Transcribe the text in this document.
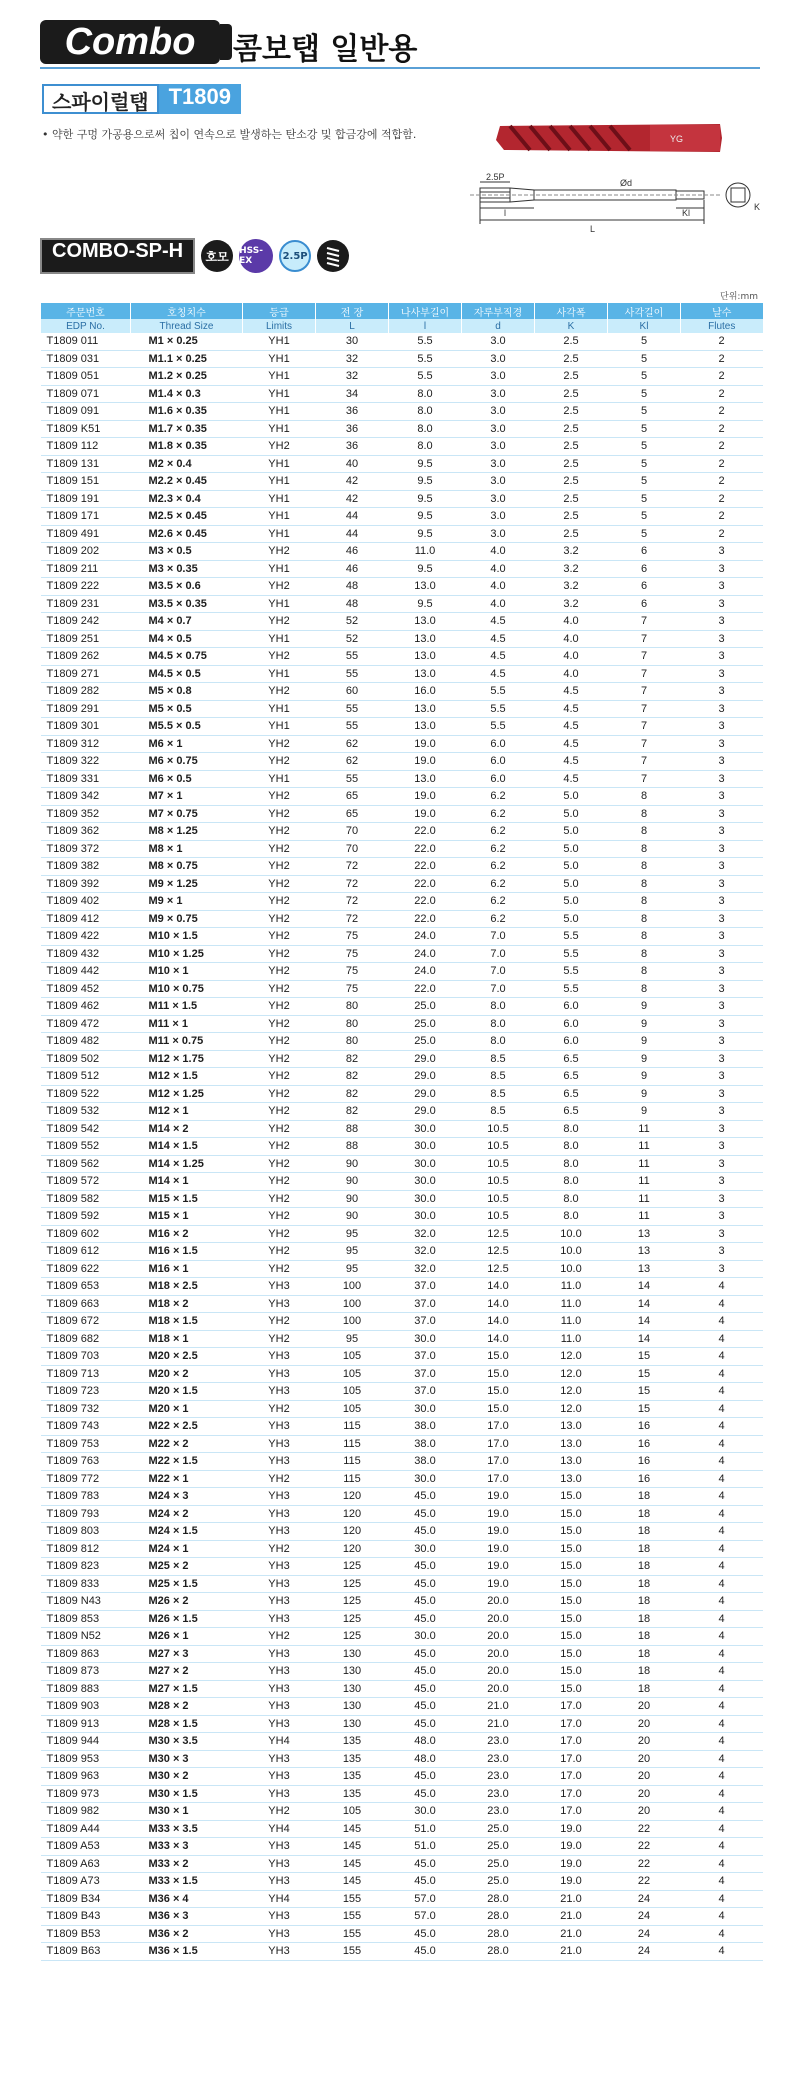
Combo	콤보탭 일반용
스파이럴탭 T1809
• 약한 구멍 가공용으로써 칩이 연속으로 발생하는 탄소강 및 합금강에 적합함.	YG
2.5P
Ød
l
L
Kl
K
COMBO-SP-H	호모	HSS-EX	2.5P
단위:mm
주문번호	호칭치수	등급	전 장	나사부길이	자루부직경	사각폭	사각길이	날수
EDP No.	Thread Size	Limits	L	l	d	K	Kl	Flutes
T1809 011	M1 × 0.25	YH1	30	5.5	3.0	2.5	5	2
T1809 031	M1.1 × 0.25	YH1	32	5.5	3.0	2.5	5	2
T1809 051	M1.2 × 0.25	YH1	32	5.5	3.0	2.5	5	2
T1809 071	M1.4 × 0.3	YH1	34	8.0	3.0	2.5	5	2
T1809 091	M1.6 × 0.35	YH1	36	8.0	3.0	2.5	5	2
T1809 K51	M1.7 × 0.35	YH1	36	8.0	3.0	2.5	5	2
T1809 112	M1.8 × 0.35	YH2	36	8.0	3.0	2.5	5	2
T1809 131	M2 × 0.4	YH1	40	9.5	3.0	2.5	5	2
T1809 151	M2.2 × 0.45	YH1	42	9.5	3.0	2.5	5	2
T1809 191	M2.3 × 0.4	YH1	42	9.5	3.0	2.5	5	2
T1809 171	M2.5 × 0.45	YH1	44	9.5	3.0	2.5	5	2
T1809 491	M2.6 × 0.45	YH1	44	9.5	3.0	2.5	5	2
T1809 202	M3 × 0.5	YH2	46	11.0	4.0	3.2	6	3
T1809 211	M3 × 0.35	YH1	46	9.5	4.0	3.2	6	3
T1809 222	M3.5 × 0.6	YH2	48	13.0	4.0	3.2	6	3
T1809 231	M3.5 × 0.35	YH1	48	9.5	4.0	3.2	6	3
T1809 242	M4 × 0.7	YH2	52	13.0	4.5	4.0	7	3
T1809 251	M4 × 0.5	YH1	52	13.0	4.5	4.0	7	3
T1809 262	M4.5 × 0.75	YH2	55	13.0	4.5	4.0	7	3
T1809 271	M4.5 × 0.5	YH1	55	13.0	4.5	4.0	7	3
T1809 282	M5 × 0.8	YH2	60	16.0	5.5	4.5	7	3
T1809 291	M5 × 0.5	YH1	55	13.0	5.5	4.5	7	3
T1809 301	M5.5 × 0.5	YH1	55	13.0	5.5	4.5	7	3
T1809 312	M6 × 1	YH2	62	19.0	6.0	4.5	7	3
T1809 322	M6 × 0.75	YH2	62	19.0	6.0	4.5	7	3
T1809 331	M6 × 0.5	YH1	55	13.0	6.0	4.5	7	3
T1809 342	M7 × 1	YH2	65	19.0	6.2	5.0	8	3
T1809 352	M7 × 0.75	YH2	65	19.0	6.2	5.0	8	3
T1809 362	M8 × 1.25	YH2	70	22.0	6.2	5.0	8	3
T1809 372	M8 × 1	YH2	70	22.0	6.2	5.0	8	3
T1809 382	M8 × 0.75	YH2	72	22.0	6.2	5.0	8	3
T1809 392	M9 × 1.25	YH2	72	22.0	6.2	5.0	8	3
T1809 402	M9 × 1	YH2	72	22.0	6.2	5.0	8	3
T1809 412	M9 × 0.75	YH2	72	22.0	6.2	5.0	8	3
T1809 422	M10 × 1.5	YH2	75	24.0	7.0	5.5	8	3
T1809 432	M10 × 1.25	YH2	75	24.0	7.0	5.5	8	3
T1809 442	M10 × 1	YH2	75	24.0	7.0	5.5	8	3
T1809 452	M10 × 0.75	YH2	75	22.0	7.0	5.5	8	3
T1809 462	M11 × 1.5	YH2	80	25.0	8.0	6.0	9	3
T1809 472	M11 × 1	YH2	80	25.0	8.0	6.0	9	3
T1809 482	M11 × 0.75	YH2	80	25.0	8.0	6.0	9	3
T1809 502	M12 × 1.75	YH2	82	29.0	8.5	6.5	9	3
T1809 512	M12 × 1.5	YH2	82	29.0	8.5	6.5	9	3
T1809 522	M12 × 1.25	YH2	82	29.0	8.5	6.5	9	3
T1809 532	M12 × 1	YH2	82	29.0	8.5	6.5	9	3
T1809 542	M14 × 2	YH2	88	30.0	10.5	8.0	11	3
T1809 552	M14 × 1.5	YH2	88	30.0	10.5	8.0	11	3
T1809 562	M14 × 1.25	YH2	90	30.0	10.5	8.0	11	3
T1809 572	M14 × 1	YH2	90	30.0	10.5	8.0	11	3
T1809 582	M15 × 1.5	YH2	90	30.0	10.5	8.0	11	3
T1809 592	M15 × 1	YH2	90	30.0	10.5	8.0	11	3
T1809 602	M16 × 2	YH2	95	32.0	12.5	10.0	13	3
T1809 612	M16 × 1.5	YH2	95	32.0	12.5	10.0	13	3
T1809 622	M16 × 1	YH2	95	32.0	12.5	10.0	13	3
T1809 653	M18 × 2.5	YH3	100	37.0	14.0	11.0	14	4
T1809 663	M18 × 2	YH3	100	37.0	14.0	11.0	14	4
T1809 672	M18 × 1.5	YH2	100	37.0	14.0	11.0	14	4
T1809 682	M18 × 1	YH2	95	30.0	14.0	11.0	14	4
T1809 703	M20 × 2.5	YH3	105	37.0	15.0	12.0	15	4
T1809 713	M20 × 2	YH3	105	37.0	15.0	12.0	15	4
T1809 723	M20 × 1.5	YH3	105	37.0	15.0	12.0	15	4
T1809 732	M20 × 1	YH2	105	30.0	15.0	12.0	15	4
T1809 743	M22 × 2.5	YH3	115	38.0	17.0	13.0	16	4
T1809 753	M22 × 2	YH3	115	38.0	17.0	13.0	16	4
T1809 763	M22 × 1.5	YH3	115	38.0	17.0	13.0	16	4
T1809 772	M22 × 1	YH2	115	30.0	17.0	13.0	16	4
T1809 783	M24 × 3	YH3	120	45.0	19.0	15.0	18	4
T1809 793	M24 × 2	YH3	120	45.0	19.0	15.0	18	4
T1809 803	M24 × 1.5	YH3	120	45.0	19.0	15.0	18	4
T1809 812	M24 × 1	YH2	120	30.0	19.0	15.0	18	4
T1809 823	M25 × 2	YH3	125	45.0	19.0	15.0	18	4
T1809 833	M25 × 1.5	YH3	125	45.0	19.0	15.0	18	4
T1809 N43	M26 × 2	YH3	125	45.0	20.0	15.0	18	4
T1809 853	M26 × 1.5	YH3	125	45.0	20.0	15.0	18	4
T1809 N52	M26 × 1	YH2	125	30.0	20.0	15.0	18	4
T1809 863	M27 × 3	YH3	130	45.0	20.0	15.0	18	4
T1809 873	M27 × 2	YH3	130	45.0	20.0	15.0	18	4
T1809 883	M27 × 1.5	YH3	130	45.0	20.0	15.0	18	4
T1809 903	M28 × 2	YH3	130	45.0	21.0	17.0	20	4
T1809 913	M28 × 1.5	YH3	130	45.0	21.0	17.0	20	4
T1809 944	M30 × 3.5	YH4	135	48.0	23.0	17.0	20	4
T1809 953	M30 × 3	YH3	135	48.0	23.0	17.0	20	4
T1809 963	M30 × 2	YH3	135	45.0	23.0	17.0	20	4
T1809 973	M30 × 1.5	YH3	135	45.0	23.0	17.0	20	4
T1809 982	M30 × 1	YH2	105	30.0	23.0	17.0	20	4
T1809 A44	M33 × 3.5	YH4	145	51.0	25.0	19.0	22	4
T1809 A53	M33 × 3	YH3	145	51.0	25.0	19.0	22	4
T1809 A63	M33 × 2	YH3	145	45.0	25.0	19.0	22	4
T1809 A73	M33 × 1.5	YH3	145	45.0	25.0	19.0	22	4
T1809 B34	M36 × 4	YH4	155	57.0	28.0	21.0	24	4
T1809 B43	M36 × 3	YH3	155	57.0	28.0	21.0	24	4
T1809 B53	M36 × 2	YH3	155	45.0	28.0	21.0	24	4
T1809 B63	M36 × 1.5	YH3	155	45.0	28.0	21.0	24	4
